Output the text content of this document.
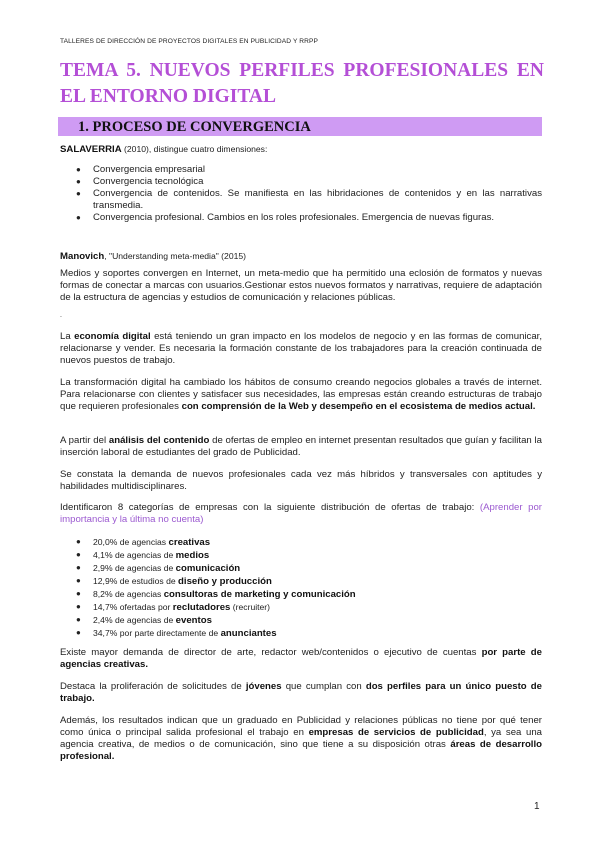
TALLERES DE DIRECCIÓN DE PROYECTOS DIGITALES EN PUBLICIDAD Y RRPP
TEMA 5. NUEVOS PERFILES PROFESIONALES EN EL ENTORNO DIGITAL
1. PROCESO DE CONVERGENCIA

SALAVERRIA (2010), distingue cuatro dimensiones:

● Convergencia empresarial
● Convergencia tecnológica
● Convergencia de contenidos. Se manifiesta en las hibridaciones de contenidos y en las narrativas transmedia.
● Convergencia profesional. Cambios en los roles profesionales. Emergencia de nuevas figuras.

Manovich, "Understanding meta-media" (2015)

Medios y soportes convergen en Internet, un meta-medio que ha permitido una eclosión de formatos y nuevas formas de conectar a marcas con usuarios.Gestionar estos nuevos formatos y narrativas, requiere de adaptación de la estructura de agencias y estudios de comunicación y relaciones públicas.

.

La economía digital está teniendo un gran impacto en los modelos de negocio y en las formas de comunicar, relacionarse y vender. Es necesaria la formación constante de los trabajadores para la creación continuada de nuevos puestos de trabajo.

La transformación digital ha cambiado los hábitos de consumo creando negocios globales a través de internet. Para relacionarse con clientes y satisfacer sus necesidades, las empresas están creando estructuras de trabajo que requieren profesionales con comprensión de la Web y desempeño en el ecosistema de medios actual.

A partir del análisis del contenido de ofertas de empleo en internet presentan resultados que guían y facilitan la inserción laboral de estudiantes del grado de Publicidad.

Se constata la demanda de nuevos profesionales cada vez más híbridos y transversales con aptitudes y habilidades multidisciplinares.

Identificaron 8 categorías de empresas con la siguiente distribución de ofertas de trabajo: (Aprender por importancia y la última no cuenta)

● 20,0% de agencias creativas
● 4,1% de agencias de medios
● 2,9% de agencias de comunicación
● 12,9% de estudios de diseño y producción
● 8,2% de agencias consultoras de marketing y comunicación
● 14,7% ofertadas por reclutadores (recruiter)
● 2,4% de agencias de eventos
● 34,7% por parte directamente de anunciantes

Existe mayor demanda de director de arte, redactor web/contenidos o ejecutivo de cuentas por parte de agencias creativas.

Destaca la proliferación de solicitudes de jóvenes que cumplan con dos perfiles para un único puesto de trabajo.

Además, los resultados indican que un graduado en Publicidad y relaciones públicas no tiene por qué tener como única o principal salida profesional el trabajo en empresas de servicios de publicidad, ya sea una agencia creativa, de medios o de comunicación, sino que tiene a su disposición otras áreas de desarrollo profesional.

1
